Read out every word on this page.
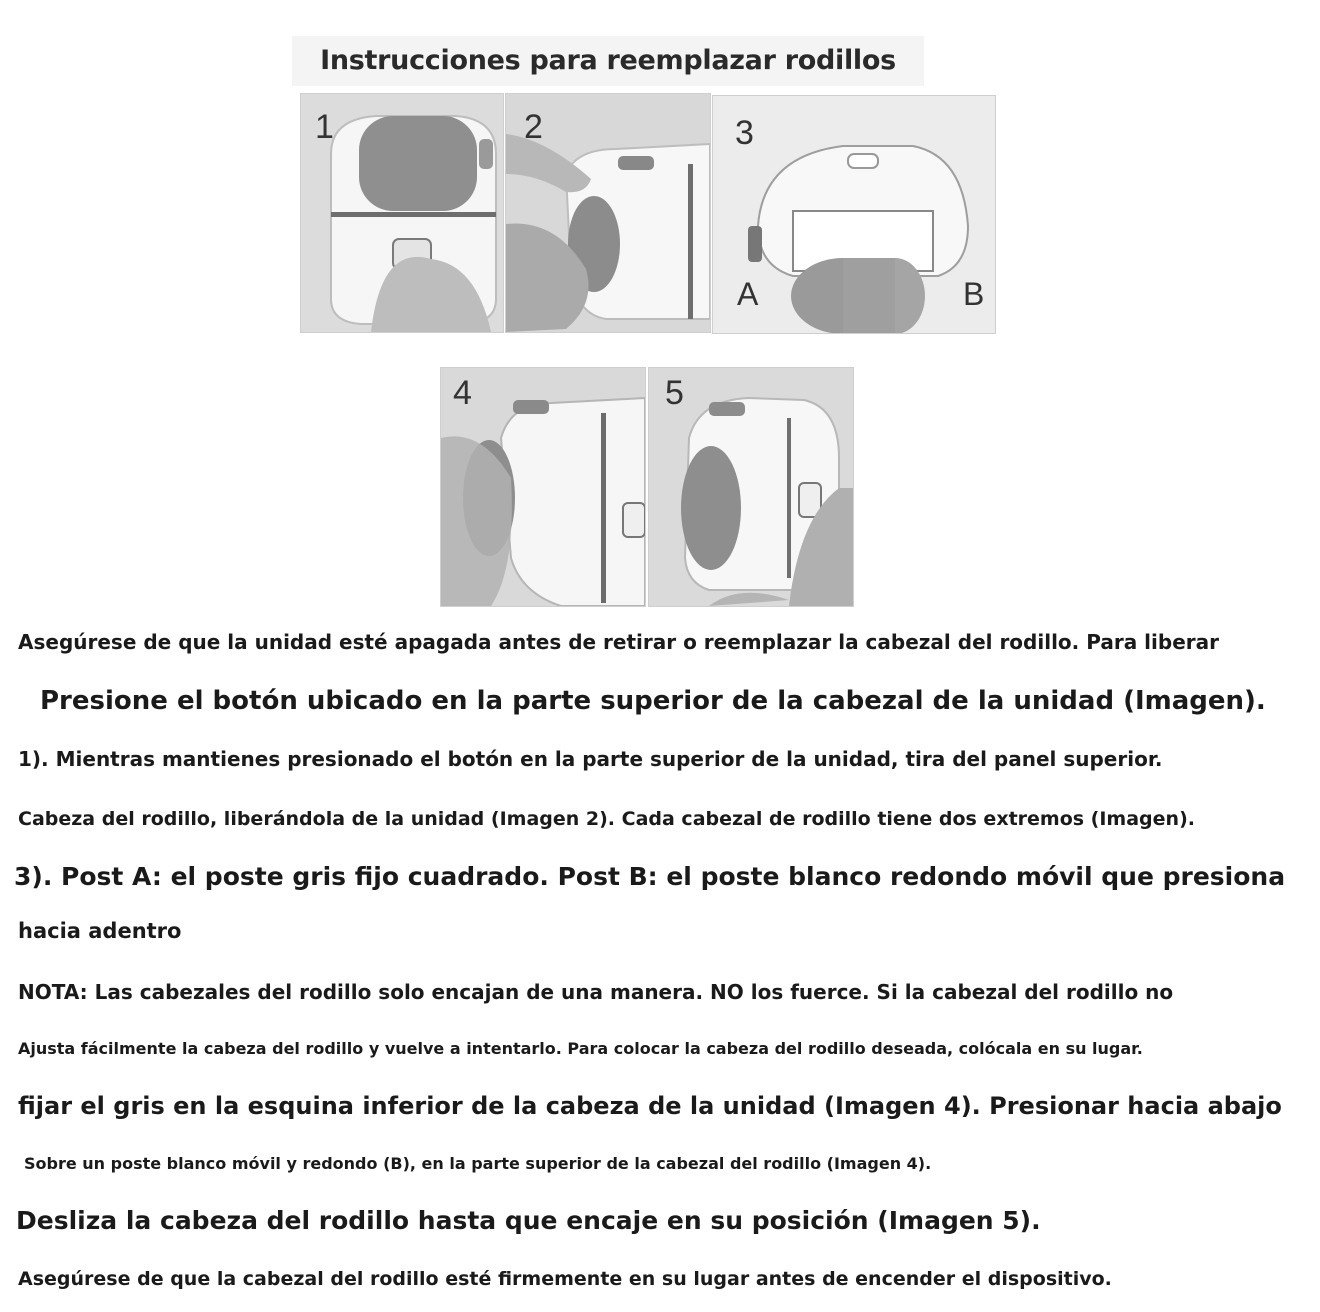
Instrucciones para reemplazar rodillos
1	2	3
A	B
4	5
Asegúrese de que la unidad esté apagada antes de retirar o reemplazar la cabezal del rodillo. Para liberar
Presione el botón ubicado en la parte superior de la cabezal de la unidad (Imagen).
1). Mientras mantienes presionado el botón en la parte superior de la unidad, tira del panel superior.
Cabeza del rodillo, liberándola de la unidad (Imagen 2). Cada cabezal de rodillo tiene dos extremos (Imagen).
3). Post A: el poste gris fijo cuadrado. Post B: el poste blanco redondo móvil que presiona
hacia adentro
NOTA: Las cabezales del rodillo solo encajan de una manera. NO los fuerce. Si la cabezal del rodillo no
Ajusta fácilmente la cabeza del rodillo y vuelve a intentarlo. Para colocar la cabeza del rodillo deseada, colócala en su lugar.
fijar el gris en la esquina inferior de la cabeza de la unidad (Imagen 4). Presionar hacia abajo
Sobre un poste blanco móvil y redondo (B), en la parte superior de la cabezal del rodillo (Imagen 4).
Desliza la cabeza del rodillo hasta que encaje en su posición (Imagen 5).
Asegúrese de que la cabezal del rodillo esté firmemente en su lugar antes de encender el dispositivo.
